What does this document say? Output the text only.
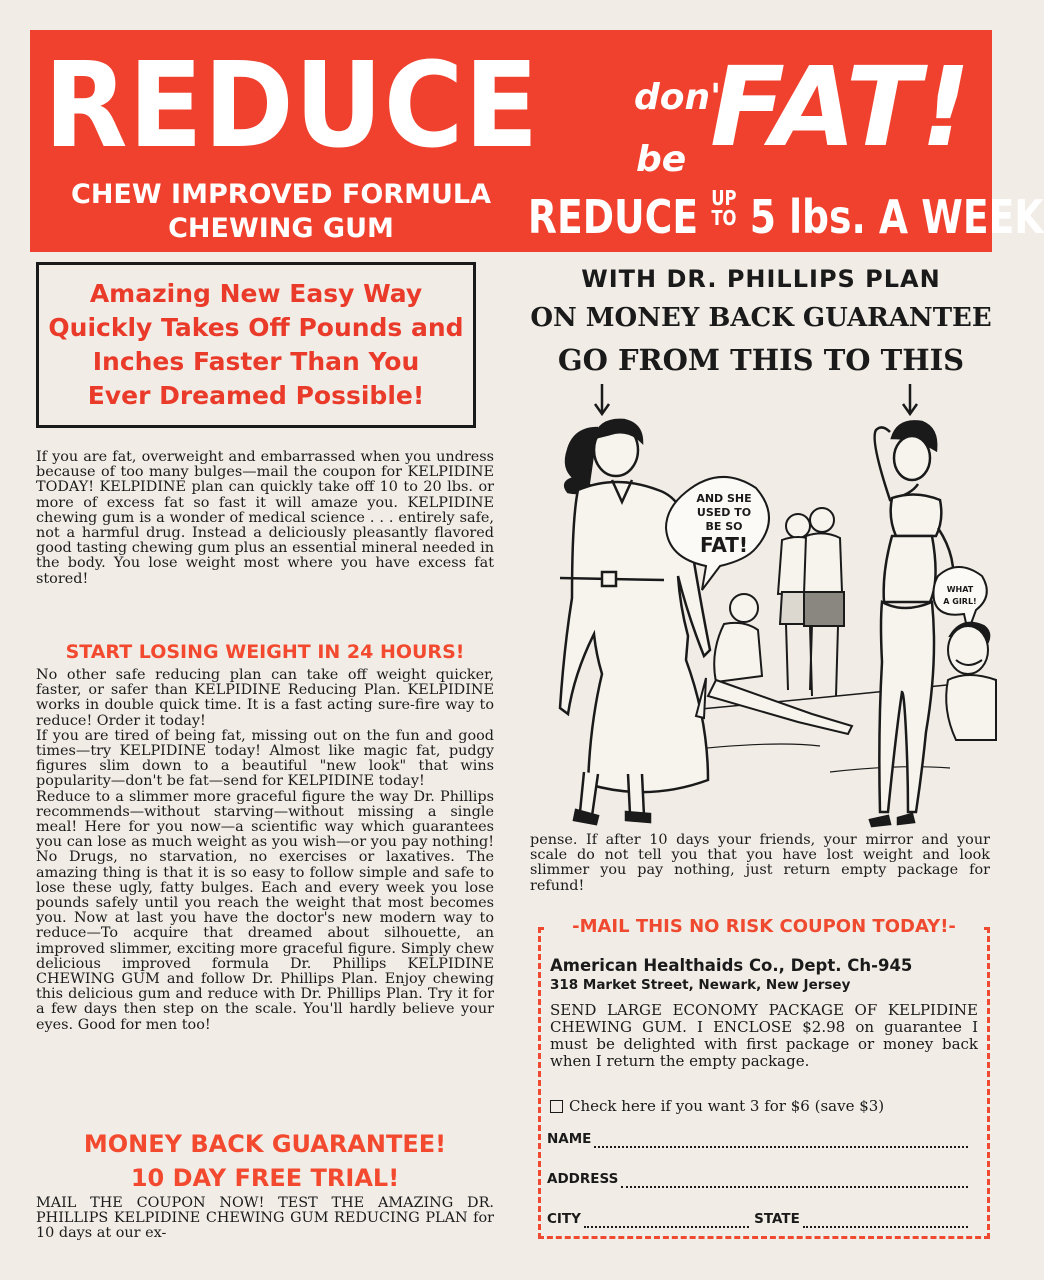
REDUCE	don't
be FAT!
CHEW IMPROVED FORMULA
CHEWING GUM	REDUCE UP
TO 5 lbs. A WEEK
Amazing New Easy Way
Quickly Takes Off Pounds and
Inches Faster Than You
Ever Dreamed Possible!
If you are fat, overweight and embarrassed when you undress because of too many bulges—mail the coupon for KELPIDINE TODAY! KELPIDINE plan can quickly take off 10 to 20 lbs. or more of excess fat so fast it will amaze you. KELPIDINE chewing gum is a wonder of medical science . . . entirely safe, not a harmful drug. Instead a deliciously pleasantly flavored good tasting chewing gum plus an essential mineral needed in the body. You lose weight most where you have excess fat stored!
START LOSING WEIGHT IN 24 HOURS!
No other safe reducing plan can take off weight quicker, faster, or safer than KELPIDINE Reducing Plan. KELPIDINE works in double quick time. It is a fast acting sure-fire way to reduce! Order it today!
If you are tired of being fat, missing out on the fun and good times—try KELPIDINE today! Almost like magic fat, pudgy figures slim down to a beautiful "new look" that wins popularity—don't be fat—send for KELPIDINE today!
Reduce to a slimmer more graceful figure the way Dr. Phillips recommends—without starving—without missing a single meal! Here for you now—a scientific way which guarantees you can lose as much weight as you wish—or you pay nothing! No Drugs, no starvation, no exercises or laxatives. The amazing thing is that it is so easy to follow simple and safe to lose these ugly, fatty bulges. Each and every week you lose pounds safely until you reach the weight that most becomes you. Now at last you have the doctor's new modern way to reduce—To acquire that dreamed about silhouette, an improved slimmer, exciting more graceful figure. Simply chew delicious improved formula Dr. Phillips KELPIDINE CHEWING GUM and follow Dr. Phillips Plan. Enjoy chewing this delicious gum and reduce with Dr. Phillips Plan. Try it for a few days then step on the scale. You'll hardly believe your eyes. Good for men too!
MONEY BACK GUARANTEE!
10 DAY FREE TRIAL!
MAIL THE COUPON NOW! TEST THE AMAZING DR. PHILLIPS KELPIDINE CHEWING GUM REDUCING PLAN for 10 days at our ex-
WITH DR. PHILLIPS PLAN
ON MONEY BACK GUARANTEE
GO FROM THIS TO THIS
AND SHE
USED TO
BE SO
FAT!
WHAT
A GIRL!
pense. If after 10 days your friends, your mirror and your scale do not tell you that you have lost weight and look slimmer you pay nothing, just return empty package for refund!
American Healthaids Co., Dept. Ch-945
318 Market Street, Newark, New Jersey
SEND LARGE ECONOMY PACKAGE OF KELPIDINE CHEWING GUM. I ENCLOSE $2.98 on guarantee I must be delighted with first package or money back when I return the empty package.
Check here if you want 3 for $6 (save $3)
NAME
ADDRESS
CITY	STATE
-MAIL THIS NO RISK COUPON TODAY!-
